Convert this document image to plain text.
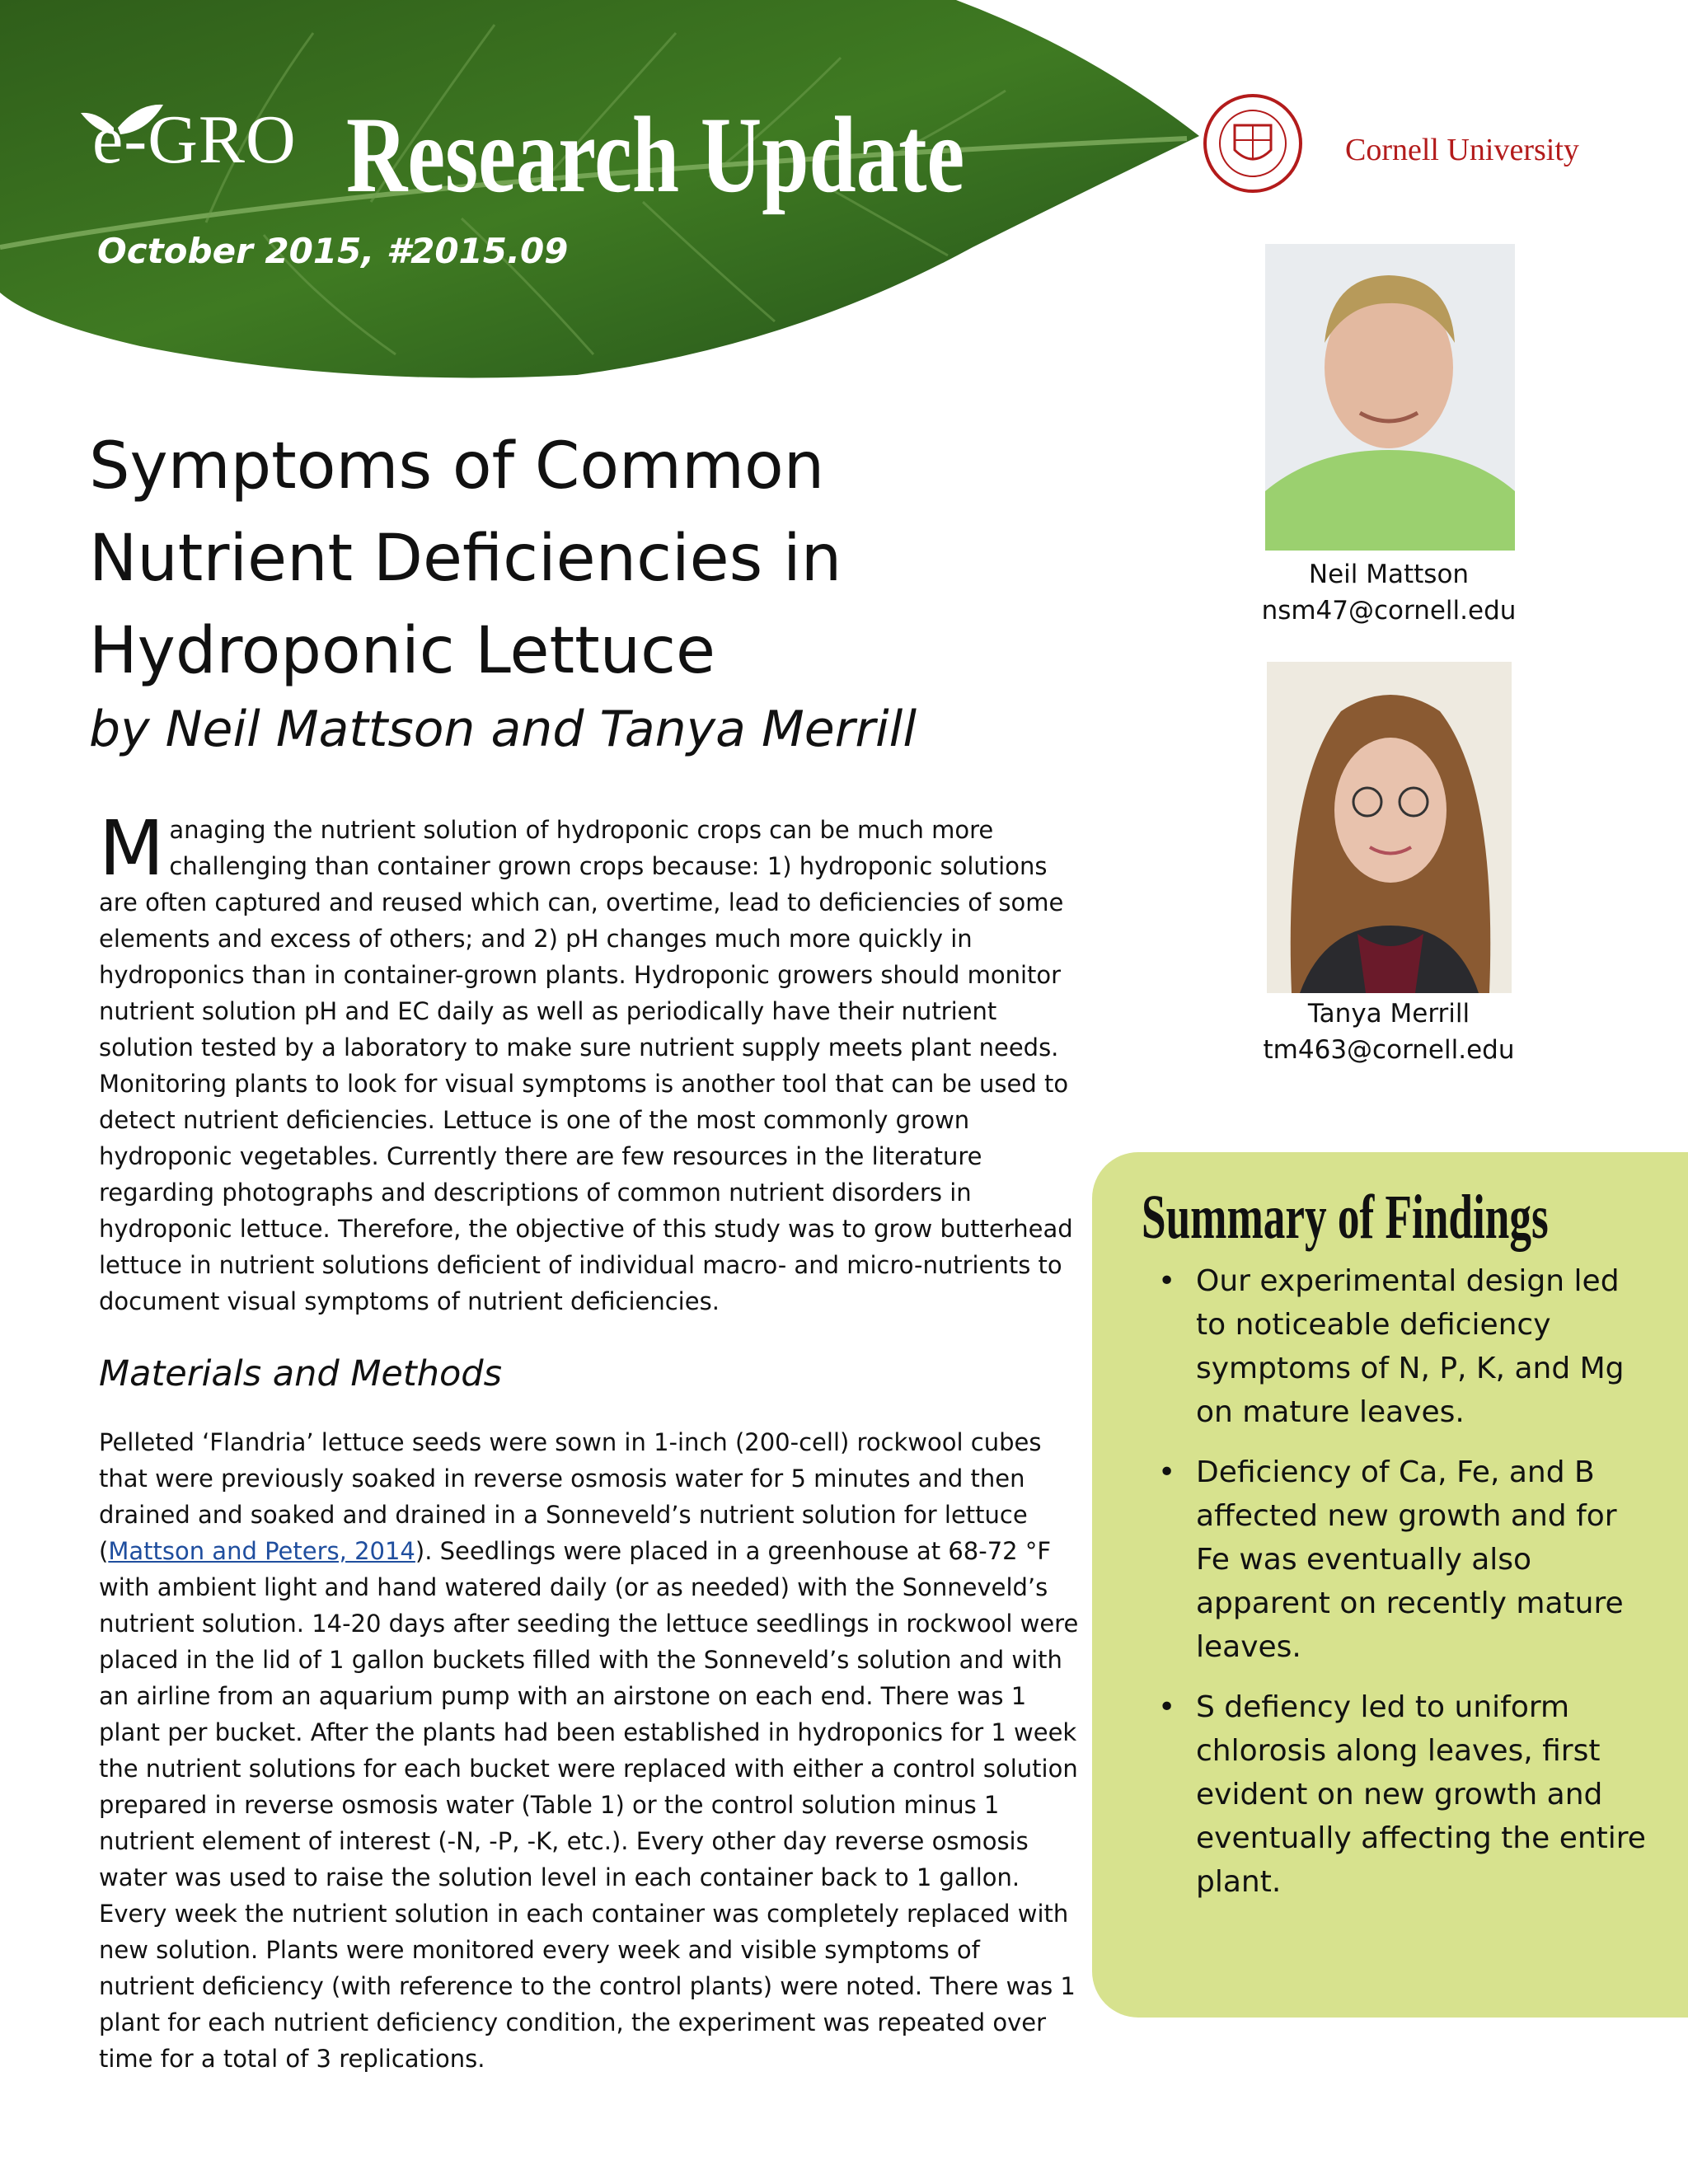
e-GRO Research Update
October 2015, #2015.09
Cornell University
Neil Mattson
nsm47@cornell.edu
Tanya Merrill
tm463@cornell.edu
Symptoms of Common
Nutrient Deficiencies in
Hydroponic Lettuce
by Neil Mattson and Tanya Merrill
Managing the nutrient solution of hydroponic crops can be much more challenging than container grown crops because: 1) hydroponic solutions are often captured and reused which can, overtime, lead to deficiencies of some elements and excess of others; and 2) pH changes much more quickly in hydroponics than in container-grown plants. Hydroponic growers should monitor nutrient solution pH and EC daily as well as periodically have their nutrient solution tested by a laboratory to make sure nutrient supply meets plant needs. Monitoring plants to look for visual symptoms is another tool that can be used to detect nutrient deficiencies. Lettuce is one of the most commonly grown hydroponic vegetables. Currently there are few resources in the literature regarding photographs and descriptions of common nutrient disorders in hydroponic lettuce. Therefore, the objective of this study was to grow butterhead lettuce in nutrient solutions deficient of individual macro- and micro-nutrients to document visual symptoms of nutrient deficiencies.
Materials and Methods
Pelleted ‘Flandria’ lettuce seeds were sown in 1-inch (200-cell) rockwool cubes that were previously soaked in reverse osmosis water for 5 minutes and then drained and soaked and drained in a Sonneveld’s nutrient solution for lettuce (Mattson and Peters, 2014). Seedlings were placed in a greenhouse at 68-72 °F with ambient light and hand watered daily (or as needed) with the Sonneveld’s nutrient solution. 14-20 days after seeding the lettuce seedlings in rockwool were placed in the lid of 1 gallon buckets filled with the Sonneveld’s solution and with an airline from an aquarium pump with an airstone on each end. There was 1 plant per bucket. After the plants had been established in hydroponics for 1 week the nutrient solutions for each bucket were replaced with either a control solution prepared in reverse osmosis water (Table 1) or the control solution minus 1 nutrient element of interest (-N, -P, -K, etc.). Every other day reverse osmosis water was used to raise the solution level in each container back to 1 gallon. Every week the nutrient solution in each container was completely replaced with new solution. Plants were monitored every week and visible symptoms of nutrient deficiency (with reference to the control plants) were noted. There was 1 plant for each nutrient deficiency condition, the experiment was repeated over time for a total of 3 replications.
Summary of Findings
• Our experimental design led to noticeable deficiency symptoms of N, P, K, and Mg on mature leaves.
• Deficiency of Ca, Fe, and B affected new growth and for Fe was eventually also apparent on recently mature leaves.
• S defiency led to uniform chlorosis along leaves, first evident on new growth and eventually affecting the entire plant.
